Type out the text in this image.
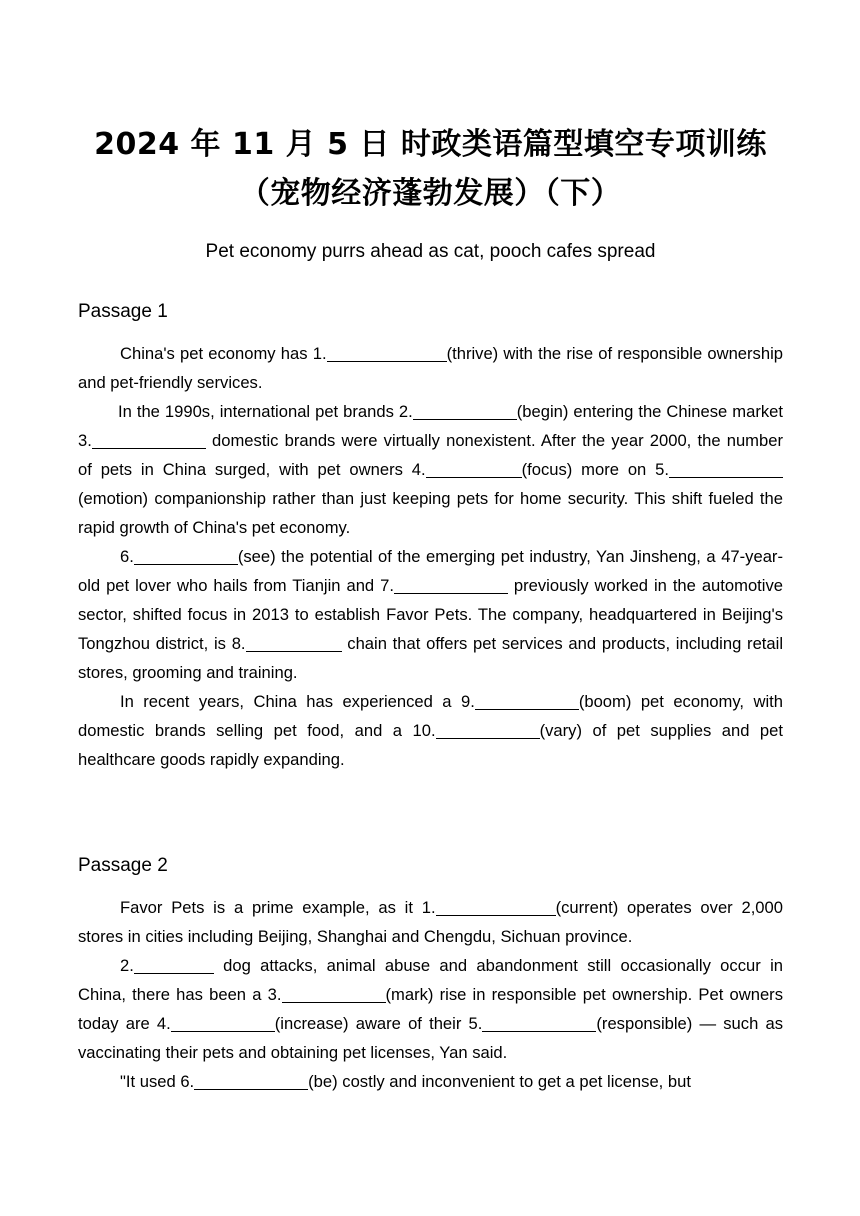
2024 年 11 月 5 日 时政类语篇型填空专项训练（宠物经济蓬勃发展）（下）
Pet economy purrs ahead as cat, pooch cafes spread
Passage 1

China's pet economy has 1.	(thrive) with the rise of responsible ownership and pet-friendly services.

In the 1990s, international pet brands 2.	(begin) entering the Chinese market 3.	domestic brands were virtually nonexistent. After the year 2000, the number of pets in China surged, with pet owners 4.	(focus) more on 5.(emotion) companionship rather than just keeping pets for home security. This shift fueled the rapid growth of China's pet economy.

6.	(see) the potential of the emerging pet industry, Yan Jinsheng, a 47-year-old pet lover who hails from Tianjin and 7.	previously worked in the automotive sector, shifted focus in 2013 to establish Favor Pets. The company, headquartered in Beijing's Tongzhou district, is 8.	chain that offers pet services and products, including retail stores, grooming and training.

In recent years, China has experienced a 9.	(boom) pet economy, with domestic brands selling pet food, and a 10.	(vary) of pet supplies and pet healthcare goods rapidly expanding.

Passage 2

Favor Pets is a prime example, as it 1.	(current) operates over 2,000 stores in cities including Beijing, Shanghai and Chengdu, Sichuan province.

2.	dog attacks, animal abuse and abandonment still occasionally occur in China, there has been a 3.	(mark) rise in responsible pet ownership. Pet owners today are 4.	(increase) aware of their 5.	(responsible) — such as vaccinating their pets and obtaining pet licenses, Yan said.

"It used 6.	(be) costly and inconvenient to get a pet license, but
